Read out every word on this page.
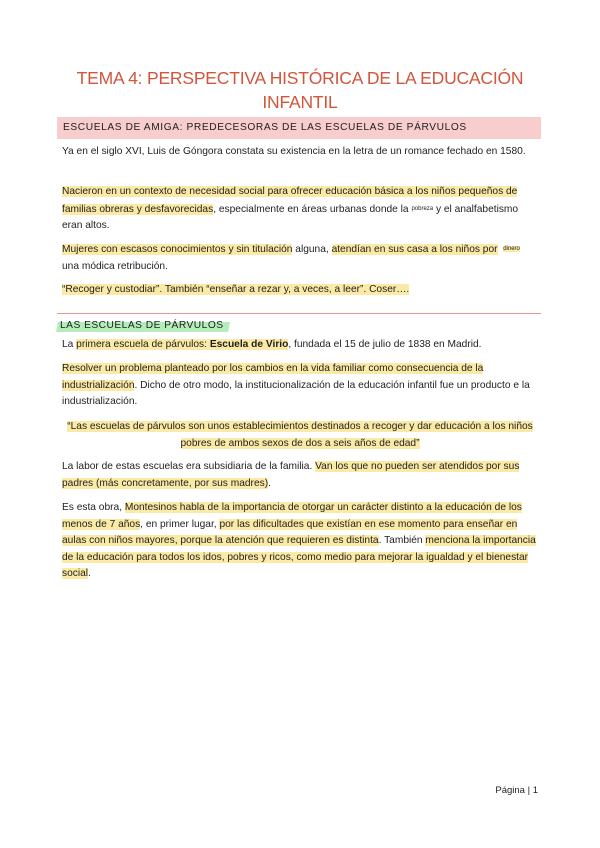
TEMA 4: PERSPECTIVA HISTÓRICA DE LA EDUCACIÓN INFANTIL
ESCUELAS DE AMIGA: PREDECESORAS DE LAS ESCUELAS DE PÁRVULOS

Ya en el siglo XVI, Luis de Góngora constata su existencia en la letra de un romance fechado en 1580.

Nacieron en un contexto de necesidad social para ofrecer educación básica a los niños pequeños de familias obreras y desfavorecidas, especialmente en áreas urbanas donde la pobreza y el analfabetismo eran altos.

Mujeres con escasos conocimientos y sin titulación alguna, atendían en sus casa a los niños por dinero una módica retribución.

“Recoger y custodiar”. También “enseñar a rezar y, a veces, a leer”. Coser….

LAS ESCUELAS DE PÁRVULOS

La primera escuela de párvulos: Escuela de Virio, fundada el 15 de julio de 1838 en Madrid.

Resolver un problema planteado por los cambios en la vida familiar como consecuencia de la industrialización. Dicho de otro modo, la institucionalización de la educación infantil fue un producto e la industrialización.

“Las escuelas de párvulos son unos establecimientos destinados a recoger y dar educación a los niños pobres de ambos sexos de dos a seis años de edad”

La labor de estas escuelas era subsidiaria de la familia. Van los que no pueden ser atendidos por sus padres (más concretamente, por sus madres).

Es esta obra, Montesinos habla de la importancia de otorgar un carácter distinto a la educación de los menos de 7 años, en primer lugar, por las dificultades que existían en ese momento para enseñar en aulas con niños mayores, porque la atención que requieren es distinta. También menciona la importancia de la educación para todos los idos, pobres y ricos, como medio para mejorar la igualdad y el bienestar social.

Página | 1
